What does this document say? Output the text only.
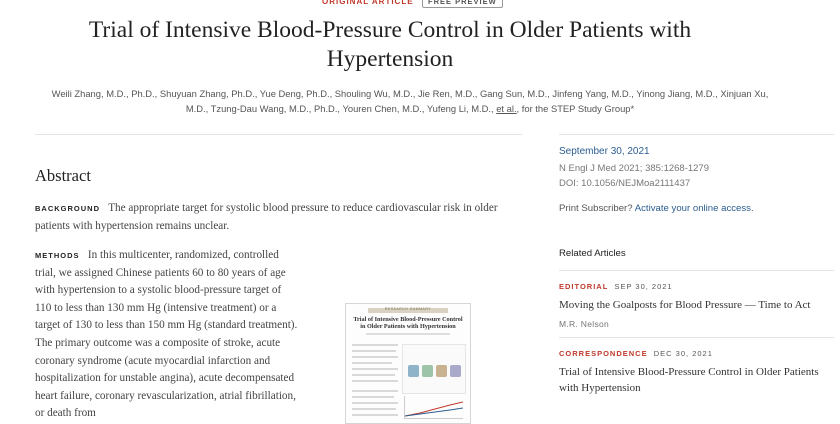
ORIGINAL ARTICLE	FREE PREVIEW
Trial of Intensive Blood-Pressure Control in Older Patients with Hypertension
Weili Zhang, M.D., Ph.D., Shuyuan Zhang, Ph.D., Yue Deng, Ph.D., Shouling Wu, M.D., Jie Ren, M.D., Gang Sun, M.D., Jinfeng Yang, M.D., Yinong Jiang, M.D., Xinjuan Xu, M.D., Tzung-Dau Wang, M.D., Ph.D., Youren Chen, M.D., Yufeng Li, M.D., et al., for the STEP Study Group*
September 30, 2021
N Engl J Med 2021; 385:1268-1279
DOI: 10.1056/NEJMoa2111437
Print Subscriber? Activate your online access.
Abstract
BACKGROUND The appropriate target for systolic blood pressure to reduce cardiovascular risk in older patients with hypertension remains unclear.
METHODS In this multicenter, randomized, controlled trial, we assigned Chinese patients 60 to 80 years of age with hypertension to a systolic blood-pressure target of 110 to less than 130 mm Hg (intensive treatment) or a target of 130 to less than 150 mm Hg (standard treatment). The primary outcome was a composite of stroke, acute coronary syndrome (acute myocardial infarction and hospitalization for unstable angina), acute decompensated heart failure, coronary revascularization, atrial fibrillation, or death from
RESEARCH SUMMARY
Trial of Intensive Blood-Pressure Control in Older Patients with Hypertension
Related Articles
EDITORIAL SEP 30, 2021
Moving the Goalposts for Blood Pressure — Time to Act
M.R. Nelson
CORRESPONDENCE DEC 30, 2021
Trial of Intensive Blood-Pressure Control in Older Patients with Hypertension
